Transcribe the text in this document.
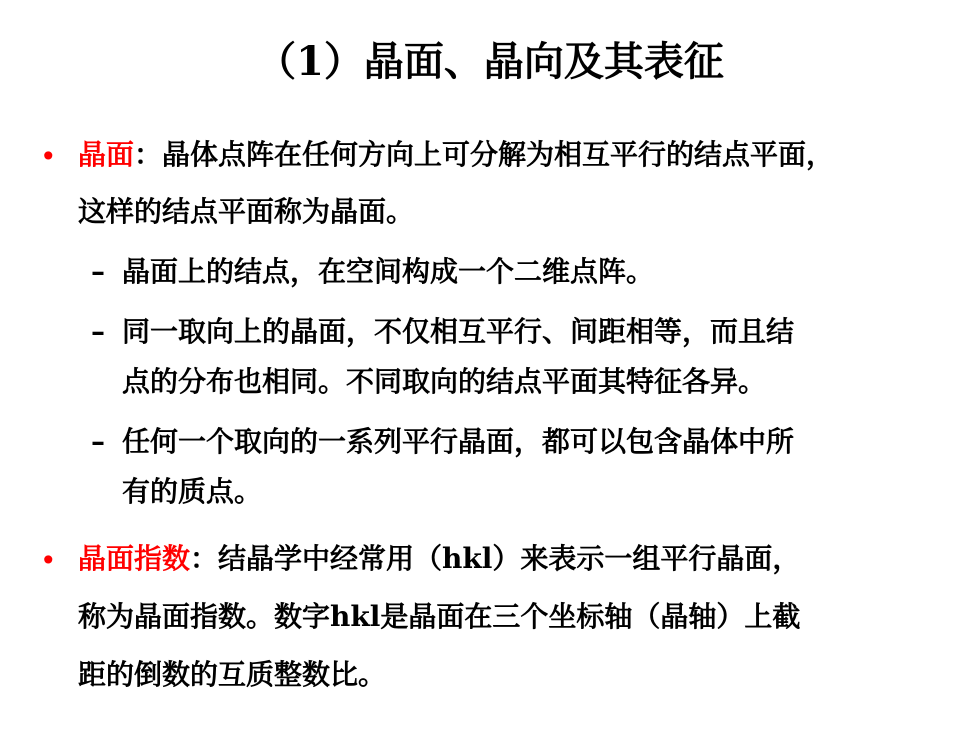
（1）晶面、晶向及其表征
• 晶面：晶体点阵在任何方向上可分解为相互平行的结点平面，
这样的结点平面称为晶面。
– 晶面上的结点，在空间构成一个二维点阵。
– 同一取向上的晶面，不仅相互平行、间距相等，而且结
点的分布也相同。不同取向的结点平面其特征各异。
– 任何一个取向的一系列平行晶面，都可以包含晶体中所
有的质点。
• 晶面指数：结晶学中经常用（hkl）来表示一组平行晶面，
称为晶面指数。数字hkl是晶面在三个坐标轴（晶轴）上截
距的倒数的互质整数比。
